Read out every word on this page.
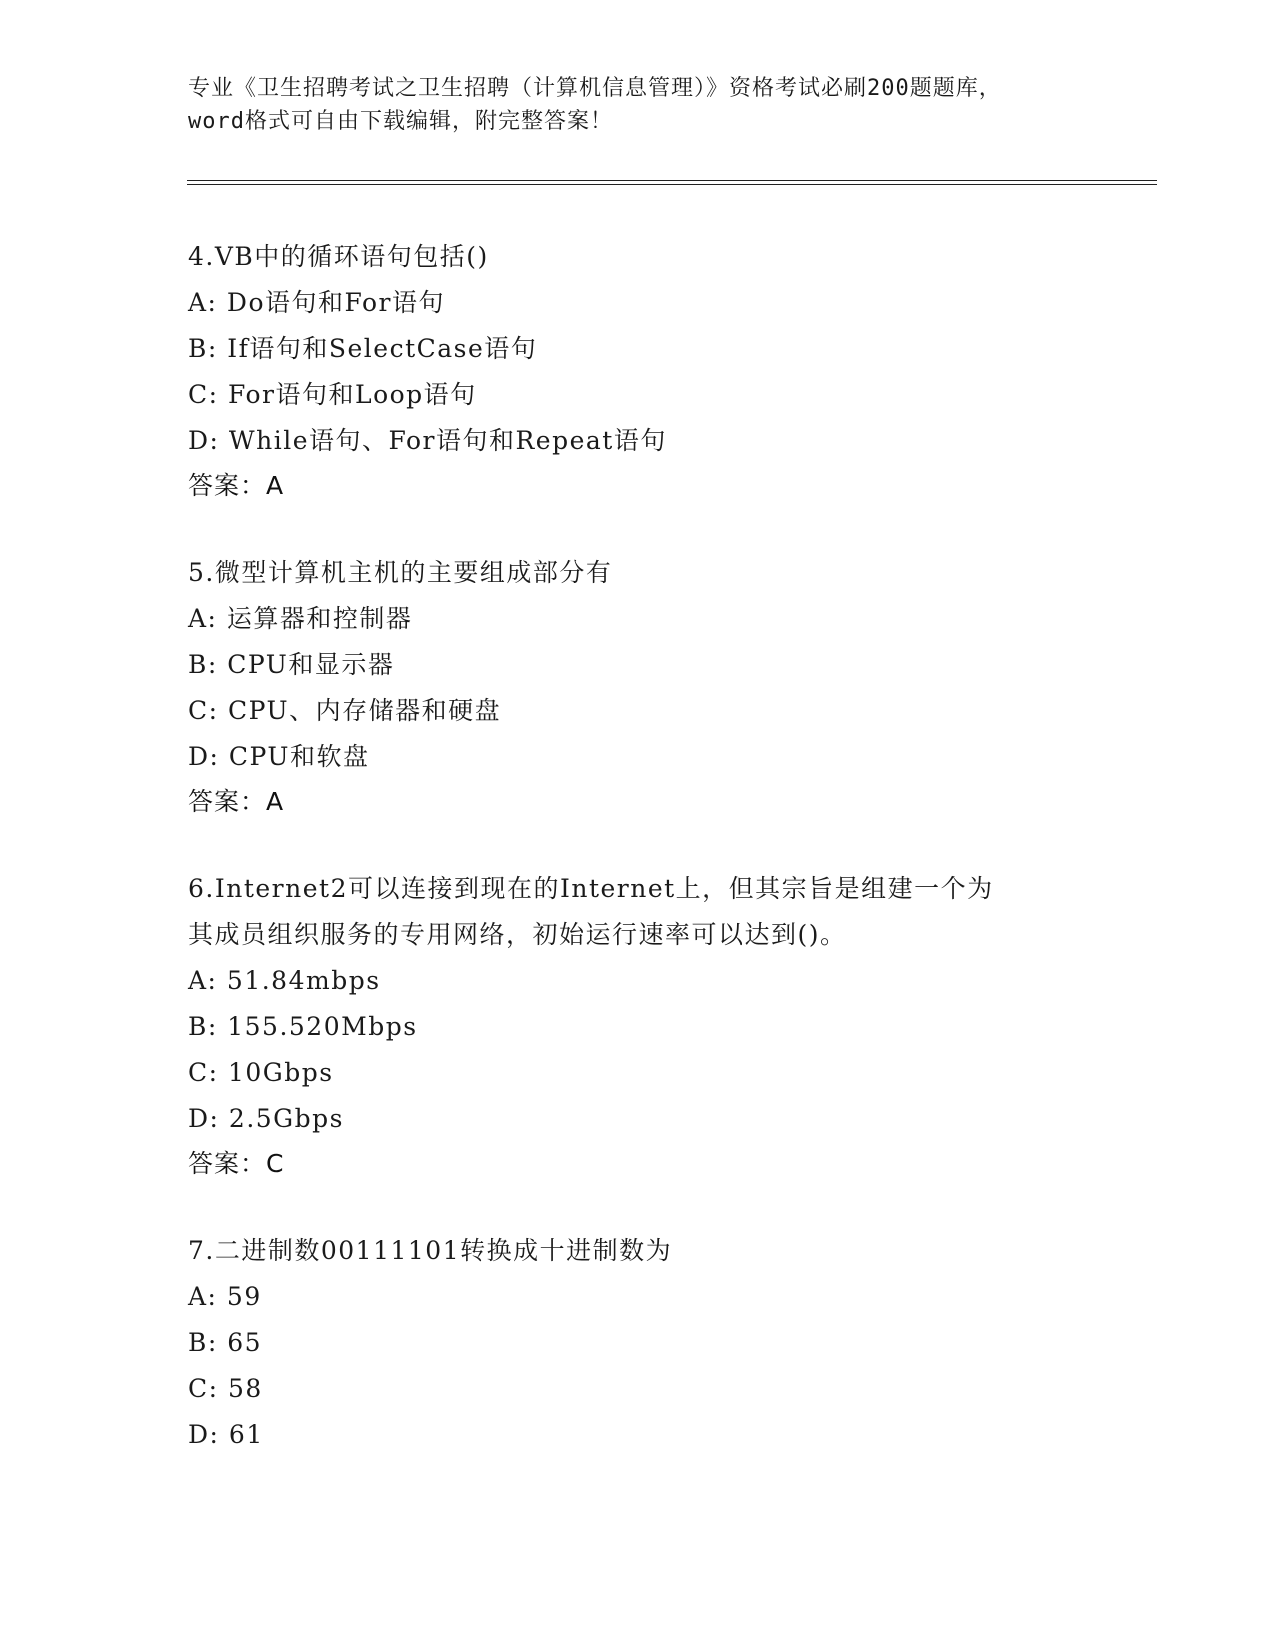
专业《卫生招聘考试之卫生招聘（计算机信息管理）》资格考试必刷200题题库，
word格式可自由下载编辑，附完整答案！
4.VB中的循环语句包括()
A: Do语句和For语句
B: If语句和SelectCase语句
C: For语句和Loop语句
D: While语句、For语句和Repeat语句
答案：A
5.微型计算机主机的主要组成部分有
A: 运算器和控制器
B: CPU和显示器
C: CPU、内存储器和硬盘
D: CPU和软盘
答案：A
6.Internet2可以连接到现在的Internet上，但其宗旨是组建一个为
其成员组织服务的专用网络，初始运行速率可以达到()。
A: 51.84mbps
B: 155.520Mbps
C: 10Gbps
D: 2.5Gbps
答案：C
7.二进制数00111101转换成十进制数为
A: 59
B: 65
C: 58
D: 61
